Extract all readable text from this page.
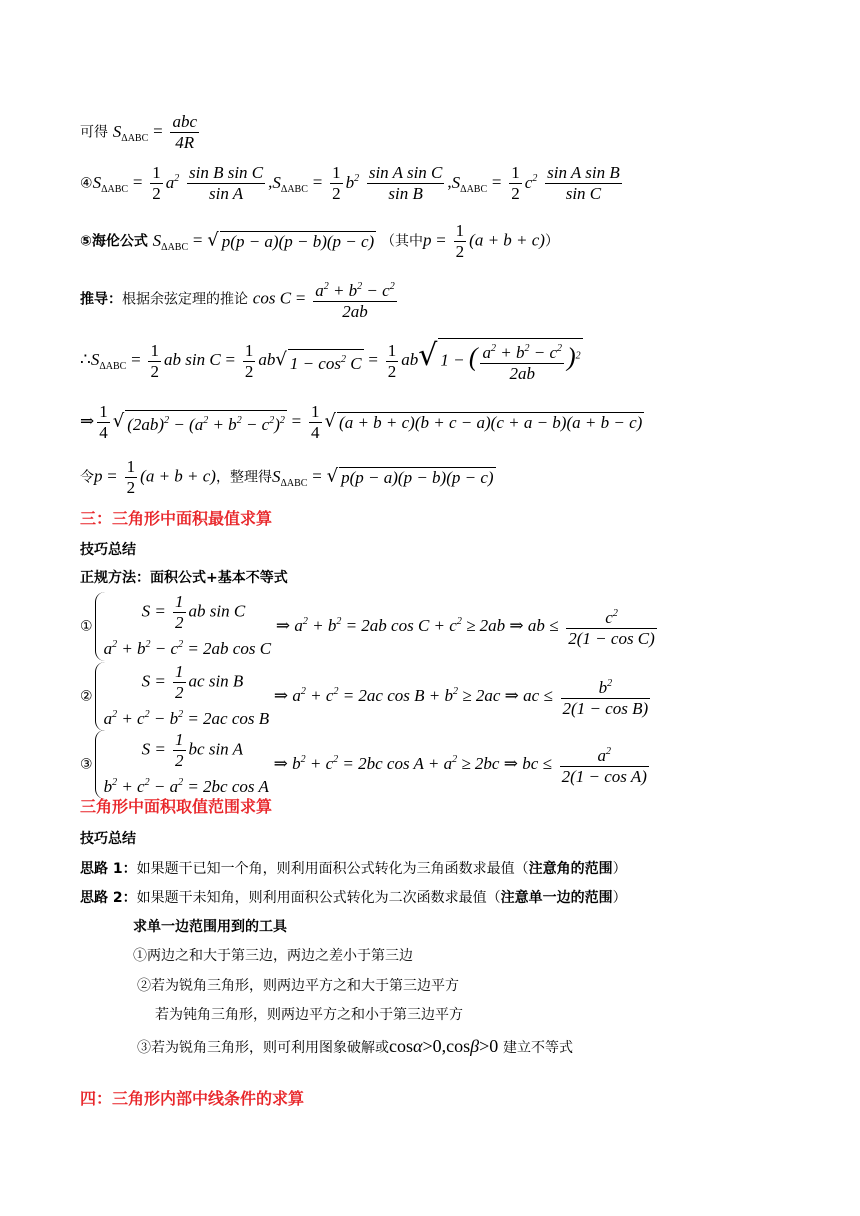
可得 $S_{\Delta ABC} = \frac{\text{abc}}{4R}$
$④S_{\Delta ABC} = \frac{1}{2} a^2 \frac{\text{sin B sin C}}{\text{sin A}} ,S_{\Delta ABC} = \frac{1}{2} b^2 \frac{\text{sin A sin C}}{\text{sin B}} ,S_{\Delta ABC} = \frac{1}{2} c^2 \frac{\text{sin A sin B}}{\text{sin C}}$
⑤海伦公式 $S_{\Delta ABC}$ = √ p(p − a)(p − b)(p − c) （其中$p = \frac{1}{2} (a + b + c)$）
推导：根据余弦定理的推论 $\cos C = \frac{a^2 + b^2 - c^2}{2ab}$
$\therefore S_{\Delta ABC} = \frac{1}{2}$ ab $\sin C = \frac{1}{2} ab√$ $1 - \cos^2 C = \frac{1}{2} ab√$ 1 − ( $\frac{a^2 + b^2 - c^2}{2ab} )^2$
⇒ $\frac{1}{4}$ √ $(2ab)^2 - (a^2 + b^2 - c^2)^2 = \frac{1}{4}$ √ (a + b + c)(b + c − a)(c + a − b)(a + b − c)
令$p = \frac{1}{2} (a + b + c)$，整理得$S_{\Delta ABC}$ = √ p(p − a)(p − b)(p − c)
三：三角形中面积最值求算
技巧总结
正规方法：面积公式+基本不等式
①
$S = \frac{1}{2}$ ab sin C
$a^2 + b^2 - c^2 = 2ab$ cos C
⇒ $a^2 + b^2 = 2ab$ $\cos C + c^2 \ge 2ab$ ⇒ ab ≤ $\frac{c^2}{\text{2(1 − cos C)}}$
②
$S = \frac{1}{2}$ ac sin B
$a^2 + c^2 - b^2 = 2ac$ cos B
⇒ $a^2 + c^2 = 2ac$ $\cos B + b^2 \ge 2ac$ ⇒ ac ≤ $\frac{b^2}{\text{2(1 − cos B)}}$
③
$S = \frac{1}{2}$ bc sin A
$b^2 + c^2 - a^2 = 2bc$ cos A
⇒ $b^2 + c^2 = 2bc$ $\cos A + a^2 \ge 2bc$ ⇒ bc ≤ $\frac{a^2}{\text{2(1 − cos A)}}$
三角形中面积取值范围求算
技巧总结
思路 1：如果题干已知一个角，则利用面积公式转化为三角函数求最值（注意角的范围）
思路 2：如果题干未知角，则利用面积公式转化为二次函数求最值（注意单一边的范围）
求单一边范围用到的工具
①两边之和大于第三边，两边之差小于第三边
②若为锐角三角形，则两边平方之和大于第三边平方
若为钝角三角形，则两边平方之和小于第三边平方
③若为锐角三角形，则可利用图象破解或cosα>0,cosβ>0 建立不等式
四：三角形内部中线条件的求算
